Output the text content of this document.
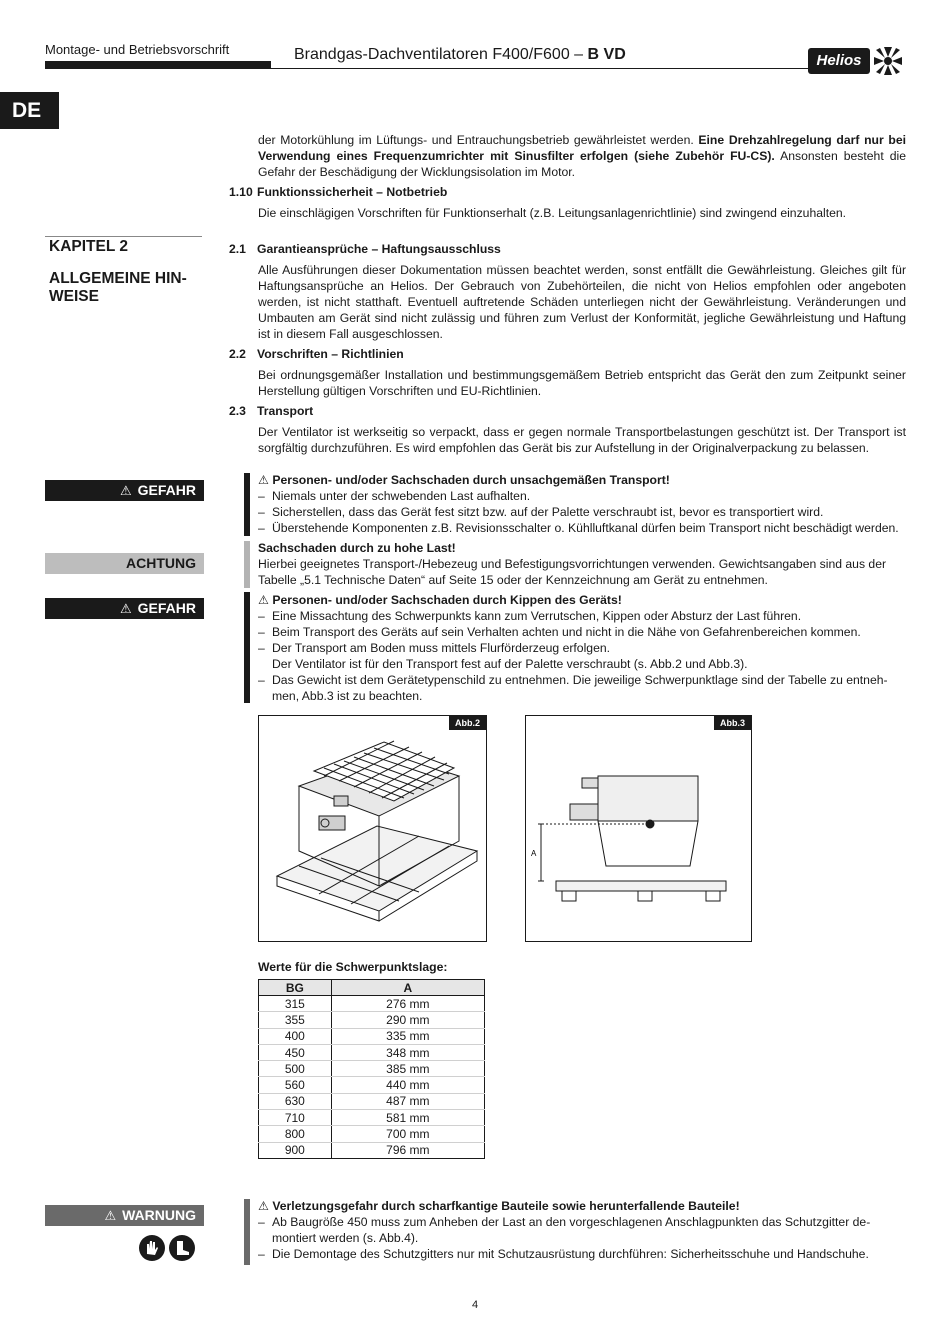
Montage- und Betriebsvorschrift	Brandgas-Dachventilatoren F400/F600 – B VD	Helios
DE
der Motorkühlung im Lüftungs- und Entrauchungsbetrieb gewährleistet werden. Eine Drehzahlregelung darf nur bei Verwendung eines Frequenzumrichter mit Sinusfilter erfolgen (siehe Zubehör FU-CS). Ansonsten besteht die Gefahr der Beschädigung der Wicklungsisolation im Motor.
1.10 Funktionssicherheit – Notbetrieb
Die einschlägigen Vorschriften für Funktionserhalt (z.B. Leitungsanlagenrichtlinie) sind zwingend einzuhalten.
KAPITEL 2
ALLGEMEINE HIN-
WEISE
2.1 Garantieansprüche – Haftungsausschluss
Alle Ausführungen dieser Dokumentation müssen beachtet werden, sonst entfällt die Gewährleistung. Gleiches gilt für Haftungsansprüche an Helios. Der Gebrauch von Zubehörteilen, die nicht von Helios empfohlen oder angeboten werden, ist nicht statthaft. Eventuell auftretende Schäden unterliegen nicht der Gewährleistung. Veränderungen und Umbauten am Gerät sind nicht zulässig und führen zum Verlust der Konformität, jegliche Gewährleistung und Haftung ist in diesem Fall ausgeschlossen.
2.2 Vorschriften – Richtlinien
Bei ordnungsgemäßer Installation und bestimmungsgemäßem Betrieb entspricht das Gerät den zum Zeitpunkt seiner Herstellung gültigen Vorschriften und EU-Richtlinien.
2.3 Transport
Der Ventilator ist werkseitig so verpackt, dass er gegen normale Transportbelastungen geschützt ist. Der Transport ist sorgfältig durchzuführen. Es wird empfohlen das Gerät bis zur Aufstellung in der Originalverpackung zu belassen.
⚠ GEFAHR
⚠ Personen- und/oder Sachschaden durch unsachgemäßen Transport!
– Niemals unter der schwebenden Last aufhalten.
– Sicherstellen, dass das Gerät fest sitzt bzw. auf der Palette verschraubt ist, bevor es transportiert wird.
– Überstehende Komponenten z.B. Revisionsschalter o. Kühlluftkanal dürfen beim Transport nicht beschädigt werden.
ACHTUNG
Sachschaden durch zu hohe Last!
Hierbei geeignetes Transport-/Hebezeug und Befestigungsvorrichtungen verwenden. Gewichtsangaben sind aus der Tabelle „5.1 Technische Daten“ auf Seite 15 oder der Kennzeichnung am Gerät zu entnehmen.
⚠ GEFAHR	⚠ Personen- und/oder Sachschaden durch Kippen des Geräts!
– Eine Missachtung des Schwerpunkts kann zum Verrutschen, Kippen oder Absturz der Last führen.
– Beim Transport des Geräts auf sein Verhalten achten und nicht in die Nähe von Gefahrenbereichen kommen.
– Der Transport am Boden muss mittels Flurförderzeug erfolgen.
Der Ventilator ist für den Transport fest auf der Palette verschraubt (s. Abb.2 und Abb.3).
– Das Gewicht ist dem Gerätetypenschild zu entnehmen. Die jeweilige Schwerpunktlage sind der Tabelle zu entneh-
men, Abb.3 ist zu beachten.
Abb.2	Abb.3
A
Werte für die Schwerpunktslage:
BG	A
315	276 mm
355	290 mm
400	335 mm
450	348 mm
500	385 mm
560	440 mm
630	487 mm
710	581 mm
800	700 mm
900	796 mm
⚠ WARNUNG
⚠ Verletzungsgefahr durch scharfkantige Bauteile sowie herunterfallende Bauteile!
– Ab Baugröße 450 muss zum Anheben der Last an den vorgeschlagenen Anschlagpunkten das Schutzgitter de-
montiert werden (s. Abb.4).
– Die Demontage des Schutzgitters nur mit Schutzausrüstung durchführen: Sicherheitsschuhe und Handschuhe.
4
